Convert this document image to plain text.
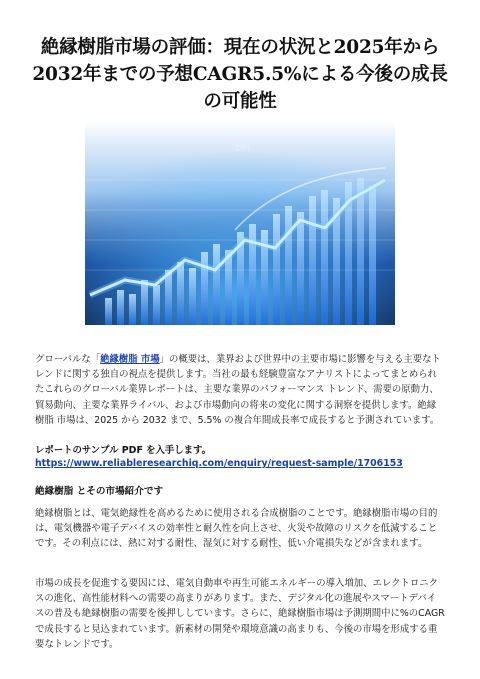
絶縁樹脂市場の評価：現在の状況と2025年から2032年までの予想CAGR5.5%による今後の成長の可能性
Eol
グローバルな「絶縁樹脂 市場」の概要は、業界および世界中の主要市場に影響を与える主要なトレンドに関する独自の視点を提供します。当社の最も経験豊富なアナリストによってまとめられたこれらのグローバル業界レポートは、主要な業界のパフォーマンス トレンド、需要の原動力、貿易動向、主要な業界ライバル、および市場動向の将来の変化に関する洞察を提供します。絶縁樹脂 市場は、2025 から 2032 まで、5.5% の複合年間成長率で成長すると予測されています。
レポートのサンプル PDF を入手します。 https://www.reliableresearchiq.com/enquiry/request-sample/1706153
絶縁樹脂 とその市場紹介です
絶縁樹脂とは、電気絶縁性を高めるために使用される合成樹脂のことです。絶縁樹脂市場の目的は、電気機器や電子デバイスの効率性と耐久性を向上させ、火災や故障のリスクを低減することです。その利点には、熱に対する耐性、湿気に対する耐性、低い介電損失などが含まれます。
市場の成長を促進する要因には、電気自動車や再生可能エネルギーの導入増加、エレクトロニクスの進化、高性能材料への需要の高まりがあります。また、デジタル化の進展やスマートデバイスの普及も絶縁樹脂の需要を後押ししています。さらに、絶縁樹脂市場は予測期間中に%のCAGRで成長すると見込まれています。新素材の開発や環境意識の高まりも、今後の市場を形成する重要なトレンドです。
